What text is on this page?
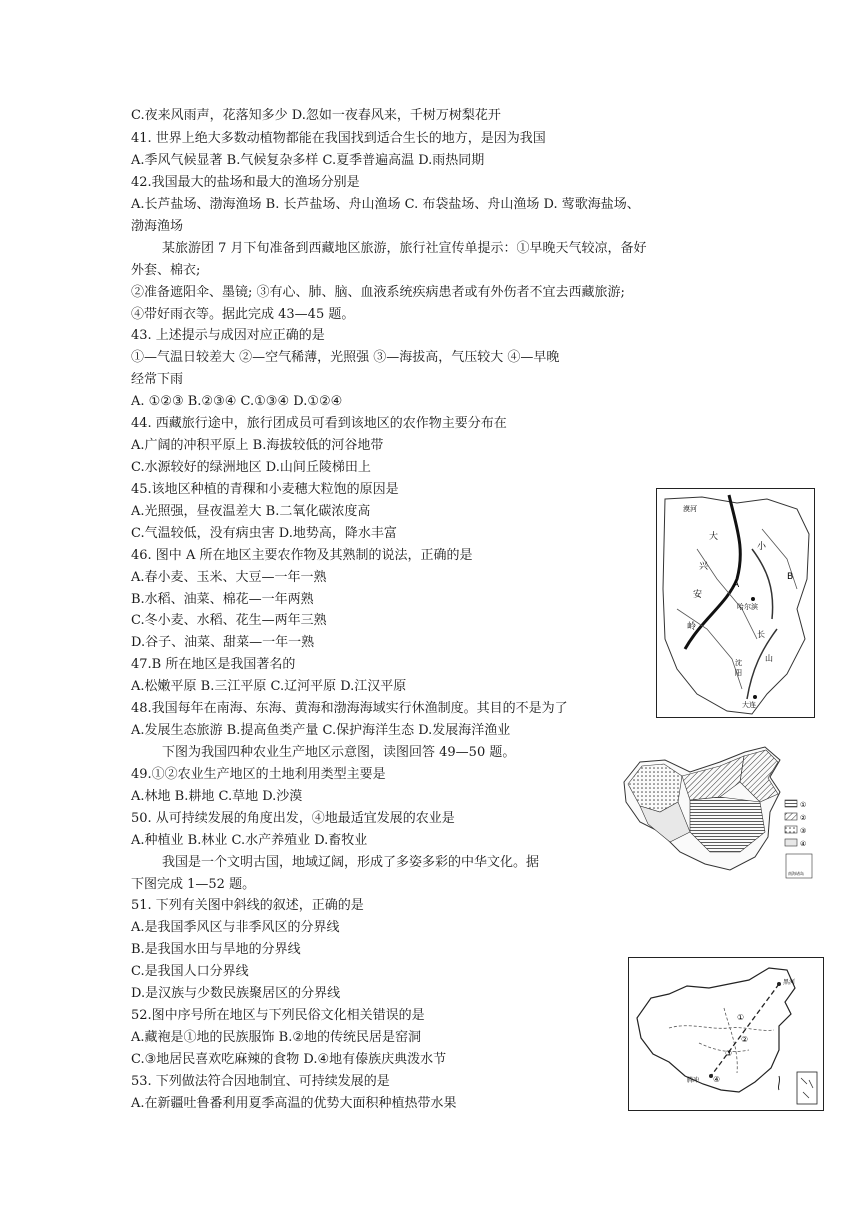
C.夜来风雨声，花落知多少 D.忽如一夜春风来，千树万树梨花开
41. 世界上绝大多数动植物都能在我国找到适合生长的地方，是因为我国
A.季风气候显著 B.气候复杂多样 C.夏季普遍高温 D.雨热同期
42.我国最大的盐场和最大的渔场分别是
A.长芦盐场、渤海渔场 B. 长芦盐场、舟山渔场 C. 布袋盐场、舟山渔场 D. 莺歌海盐场、
渤海渔场
某旅游团 7 月下旬准备到西藏地区旅游，旅行社宣传单提示：①早晚天气较凉，备好
外套、棉衣;
②准备遮阳伞、墨镜; ③有心、肺、脑、血液系统疾病患者或有外伤者不宜去西藏旅游;
④带好雨衣等。据此完成 43—45 题。
43. 上述提示与成因对应正确的是
①—气温日较差大 ②—空气稀薄，光照强 ③—海拔高，气压较大 ④—早晚
经常下雨
A. ①②③ B.②③④ C.①③④ D.①②④
44. 西藏旅行途中，旅行团成员可看到该地区的农作物主要分布在
A.广阔的冲积平原上 B.海拔较低的河谷地带
C.水源较好的绿洲地区 D.山间丘陵梯田上
45.该地区种植的青稞和小麦穗大粒饱的原因是
A.光照强，昼夜温差大 B.二氧化碳浓度高
C.气温较低，没有病虫害 D.地势高，降水丰富
46. 图中 A 所在地区主要农作物及其熟制的说法，正确的是
A.春小麦、玉米、大豆—一年一熟
B.水稻、油菜、棉花—一年两熟
C.冬小麦、水稻、花生—两年三熟
D.谷子、油菜、甜菜—一年一熟
47.B 所在地区是我国著名的
A.松嫩平原 B.三江平原 C.辽河平原 D.江汉平原
48.我国每年在南海、东海、黄海和渤海海域实行休渔制度。其目的不是为了
A.发展生态旅游 B.提高鱼类产量 C.保护海洋生态 D.发展海洋渔业
下图为我国四种农业生产地区示意图，读图回答 49—50 题。
49.①②农业生产地区的土地利用类型主要是
A.林地 B.耕地 C.草地 D.沙漠
50. 从可持续发展的角度出发，④地最适宜发展的农业是
A.种植业 B.林业 C.水产养殖业 D.畜牧业
我国是一个文明古国，地域辽阔，形成了多姿多彩的中华文化。据
下图完成 1—52 题。
51. 下列有关图中斜线的叙述，正确的是
A.是我国季风区与非季风区的分界线
B.是我国水田与旱地的分界线
C.是我国人口分界线
D.是汉族与少数民族聚居区的分界线
52.图中序号所在地区与下列民俗文化相关错误的是
A.藏袍是①地的民族服饰 B.②地的传统民居是窑洞
C.③地居民喜欢吃麻辣的食物 D.④地有傣族庆典泼水节
53. 下列做法符合因地制宜、可持续发展的是
A.在新疆吐鲁番利用夏季高温的优势大面积种植热带水果
漠河
大
兴
安
岭
A
哈尔滨
B
小
长
山
大连
沈
阳
①
②
③
④
南海诸岛
黑河
腾冲
①
②
③
④
